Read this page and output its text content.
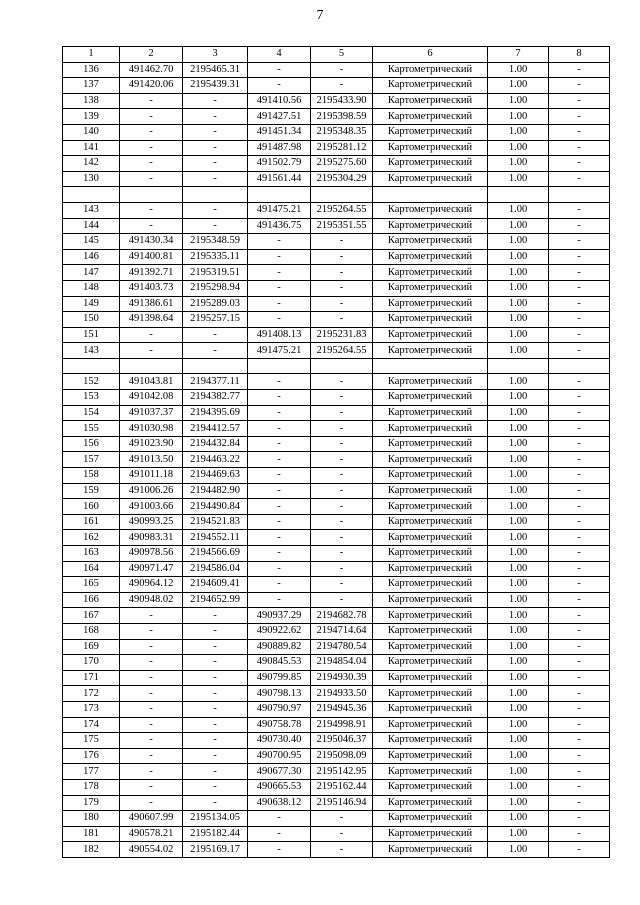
7
1	2	3	4	5	6	7	8
136	491462.70	2195465.31	-	-	Картометрический	1.00	-
137	491420.06	2195439.31	-	-	Картометрический	1.00	-
138	-	-	491410.56	2195433.90	Картометрический	1.00	-
139	-	-	491427.51	2195398.59	Картометрический	1.00	-
140	-	-	491451.34	2195348.35	Картометрический	1.00	-
141	-	-	491487.98	2195281.12	Картометрический	1.00	-
142	-	-	491502.79	2195275.60	Картометрический	1.00	-
130	-	-	491561.44	2195304.29	Картометрический	1.00	-

143	-	-	491475.21	2195264.55	Картометрический	1.00	-
144	-	-	491436.75	2195351.55	Картометрический	1.00	-
145	491430.34	2195348.59	-	-	Картометрический	1.00	-
146	491400.81	2195335.11	-	-	Картометрический	1.00	-
147	491392.71	2195319.51	-	-	Картометрический	1.00	-
148	491403.73	2195298.94	-	-	Картометрический	1.00	-
149	491386.61	2195289.03	-	-	Картометрический	1.00	-
150	491398.64	2195257.15	-	-	Картометрический	1.00	-
151	-	-	491408.13	2195231.83	Картометрический	1.00	-
143	-	-	491475.21	2195264.55	Картометрический	1.00	-

152	491043.81	2194377.11	-	-	Картометрический	1.00	-
153	491042.08	2194382.77	-	-	Картометрический	1.00	-
154	491037.37	2194395.69	-	-	Картометрический	1.00	-
155	491030.98	2194412.57	-	-	Картометрический	1.00	-
156	491023.90	2194432.84	-	-	Картометрический	1.00	-
157	491013.50	2194463.22	-	-	Картометрический	1.00	-
158	491011.18	2194469.63	-	-	Картометрический	1.00	-
159	491006.26	2194482.90	-	-	Картометрический	1.00	-
160	491003.66	2194490.84	-	-	Картометрический	1.00	-
161	490993.25	2194521.83	-	-	Картометрический	1.00	-
162	490983.31	2194552.11	-	-	Картометрический	1.00	-
163	490978.56	2194566.69	-	-	Картометрический	1.00	-
164	490971.47	2194586.04	-	-	Картометрический	1.00	-
165	490964.12	2194609.41	-	-	Картометрический	1.00	-
166	490948.02	2194652.99	-	-	Картометрический	1.00	-
167	-	-	490937.29	2194682.78	Картометрический	1.00	-
168	-	-	490922.62	2194714.64	Картометрический	1.00	-
169	-	-	490889.82	2194780.54	Картометрический	1.00	-
170	-	-	490845.53	2194854.04	Картометрический	1.00	-
171	-	-	490799.85	2194930.39	Картометрический	1.00	-
172	-	-	490798.13	2194933.50	Картометрический	1.00	-
173	-	-	490790.97	2194945.36	Картометрический	1.00	-
174	-	-	490758.78	2194998.91	Картометрический	1.00	-
175	-	-	490730.40	2195046.37	Картометрический	1.00	-
176	-	-	490700.95	2195098.09	Картометрический	1.00	-
177	-	-	490677.30	2195142.95	Картометрический	1.00	-
178	-	-	490665.53	2195162.44	Картометрический	1.00	-
179	-	-	490638.12	2195146.94	Картометрический	1.00	-
180	490607.99	2195134.05	-	-	Картометрический	1.00	-
181	490578.21	2195182.44	-	-	Картометрический	1.00	-
182	490554.02	2195169.17	-	-	Картометрический	1.00	-
